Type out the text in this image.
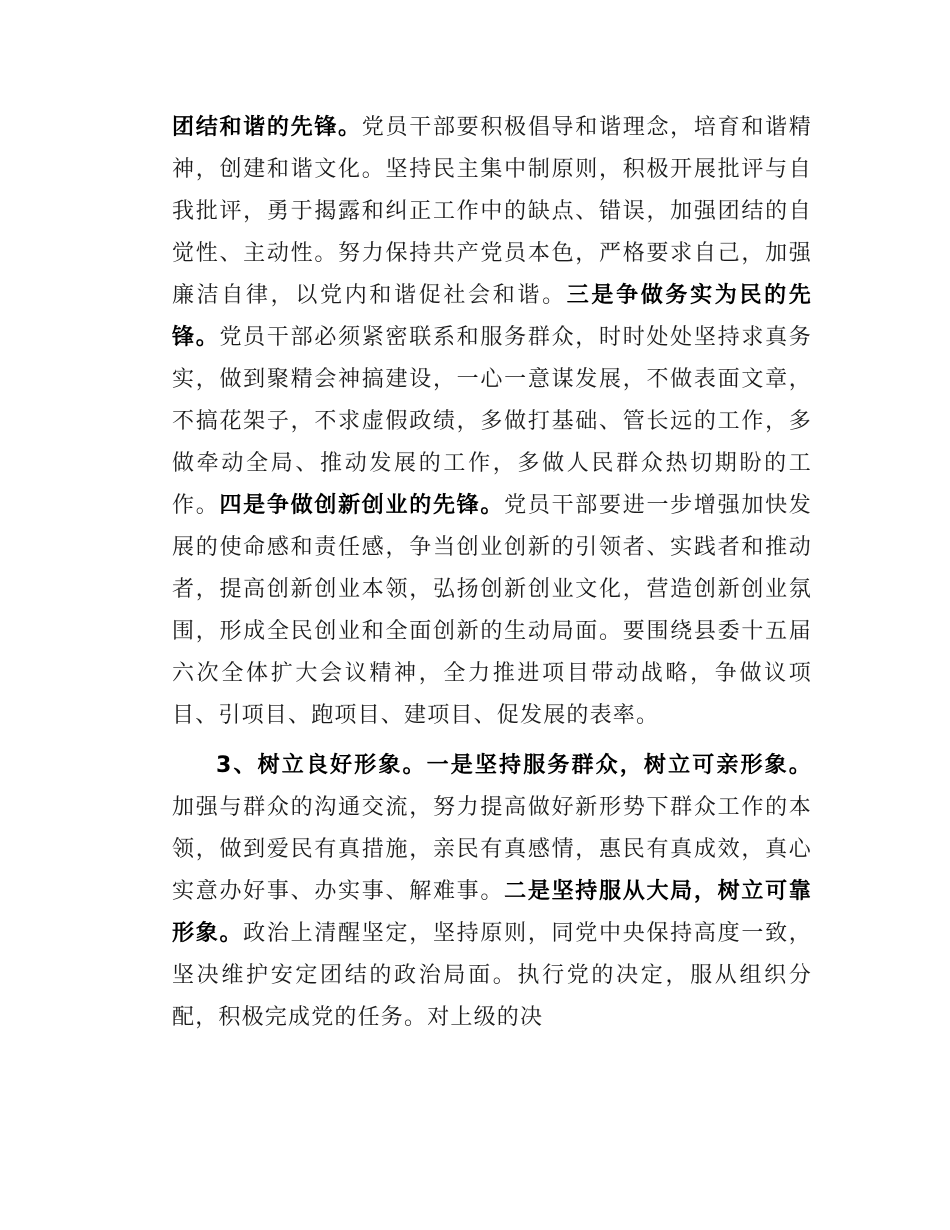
团结和谐的先锋。党员干部要积极倡导和谐理念，培育和谐精神，创建和谐文化。坚持民主集中制原则，积极开展批评与自我批评，勇于揭露和纠正工作中的缺点、错误，加强团结的自觉性、主动性。努力保持共产党员本色，严格要求自己，加强廉洁自律，以党内和谐促社会和谐。三是争做务实为民的先锋。党员干部必须紧密联系和服务群众，时时处处坚持求真务实，做到聚精会神搞建设，一心一意谋发展，不做表面文章，不搞花架子，不求虚假政绩，多做打基础、管长远的工作，多做牵动全局、推动发展的工作，多做人民群众热切期盼的工作。四是争做创新创业的先锋。党员干部要进一步增强加快发展的使命感和责任感，争当创业创新的引领者、实践者和推动者，提高创新创业本领，弘扬创新创业文化，营造创新创业氛围，形成全民创业和全面创新的生动局面。要围绕县委十五届六次全体扩大会议精神，全力推进项目带动战略，争做议项目、引项目、跑项目、建项目、促发展的表率。

3、树立良好形象。一是坚持服务群众，树立可亲形象。加强与群众的沟通交流，努力提高做好新形势下群众工作的本领，做到爱民有真措施，亲民有真感情，惠民有真成效，真心实意办好事、办实事、解难事。二是坚持服从大局，树立可靠形象。政治上清醒坚定，坚持原则，同党中央保持高度一致，坚决维护安定团结的政治局面。执行党的决定，服从组织分配，积极完成党的任务。对上级的决
